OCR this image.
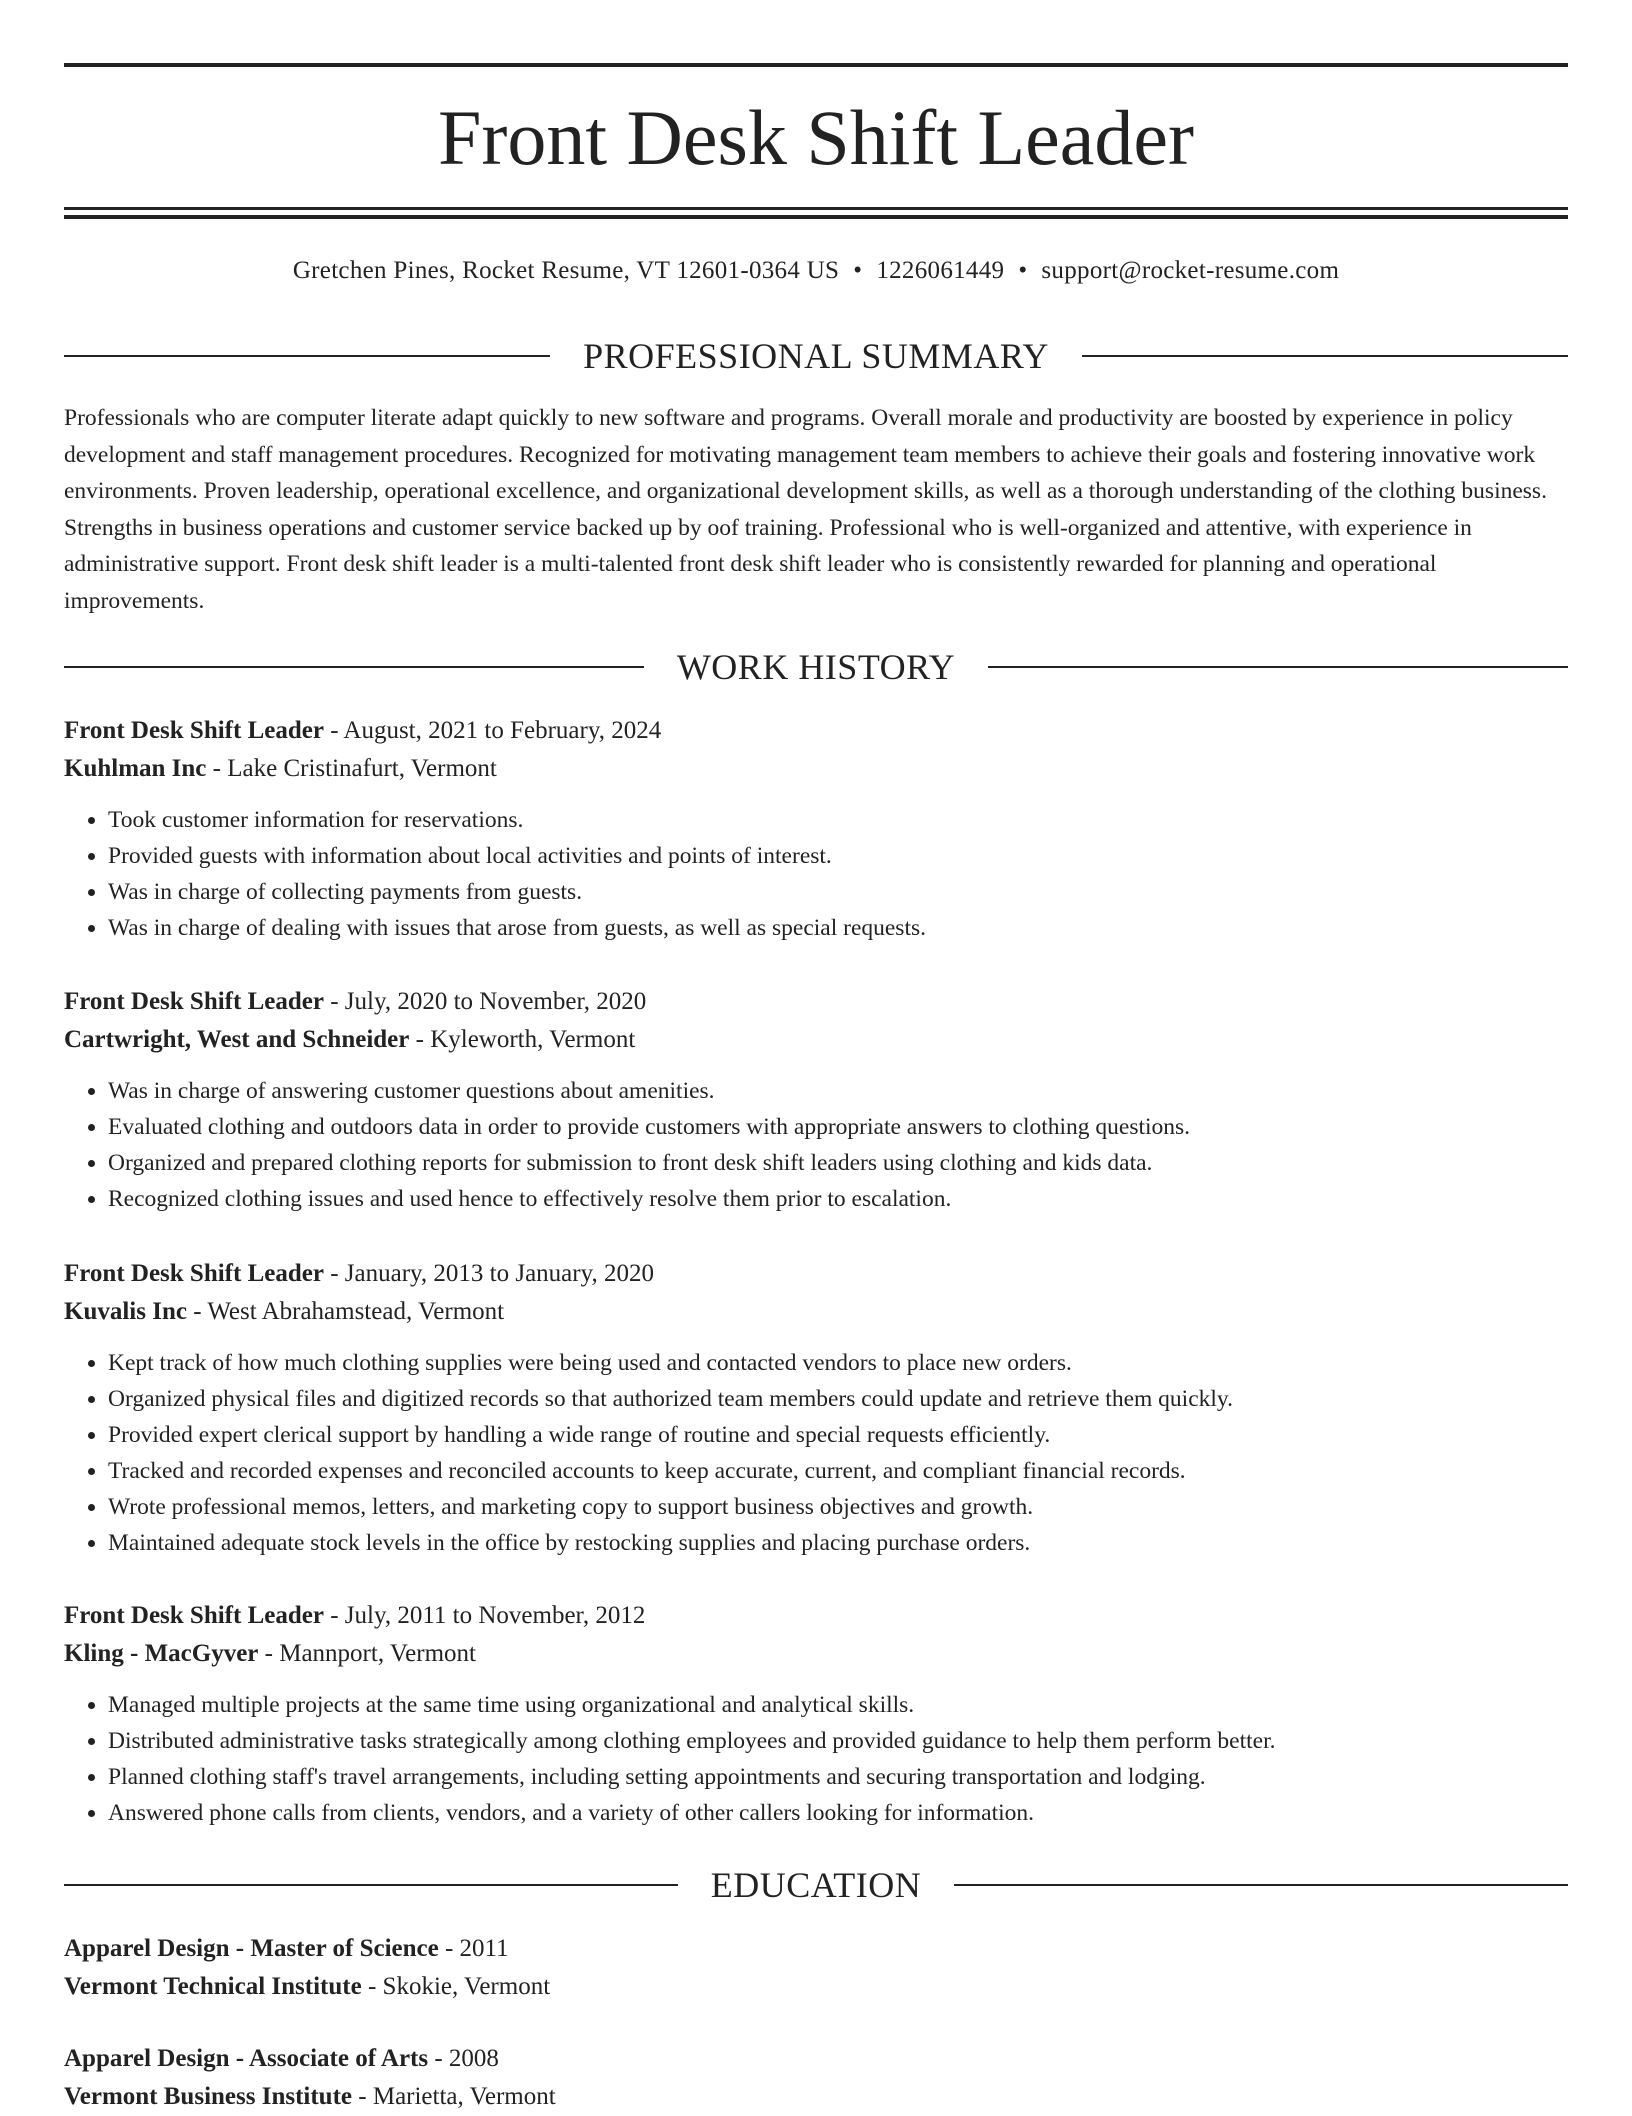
Front Desk Shift Leader
Gretchen Pines, Rocket Resume, VT 12601-0364 US • 1226061449 • support@rocket-resume.com
PROFESSIONAL SUMMARY

Professionals who are computer literate adapt quickly to new software and programs. Overall morale and productivity are boosted by experience in policy development and staff management procedures. Recognized for motivating management team members to achieve their goals and fostering innovative work environments. Proven leadership, operational excellence, and organizational development skills, as well as a thorough understanding of the clothing business. Strengths in business operations and customer service backed up by oof training. Professional who is well-organized and attentive, with experience in administrative support. Front desk shift leader is a multi-talented front desk shift leader who is consistently rewarded for planning and operational improvements.

WORK HISTORY
Front Desk Shift Leader - August, 2021 to February, 2024
Kuhlman Inc - Lake Cristinafurt, Vermont
• Took customer information for reservations.
• Provided guests with information about local activities and points of interest.
• Was in charge of collecting payments from guests.
• Was in charge of dealing with issues that arose from guests, as well as special requests.
Front Desk Shift Leader - July, 2020 to November, 2020
Cartwright, West and Schneider - Kyleworth, Vermont
• Was in charge of answering customer questions about amenities.
• Evaluated clothing and outdoors data in order to provide customers with appropriate answers to clothing questions.
• Organized and prepared clothing reports for submission to front desk shift leaders using clothing and kids data.
• Recognized clothing issues and used hence to effectively resolve them prior to escalation.
Front Desk Shift Leader - January, 2013 to January, 2020
Kuvalis Inc - West Abrahamstead, Vermont
• Kept track of how much clothing supplies were being used and contacted vendors to place new orders.
• Organized physical files and digitized records so that authorized team members could update and retrieve them quickly.
• Provided expert clerical support by handling a wide range of routine and special requests efficiently.
• Tracked and recorded expenses and reconciled accounts to keep accurate, current, and compliant financial records.
• Wrote professional memos, letters, and marketing copy to support business objectives and growth.
• Maintained adequate stock levels in the office by restocking supplies and placing purchase orders.
Front Desk Shift Leader - July, 2011 to November, 2012
Kling - MacGyver - Mannport, Vermont
• Managed multiple projects at the same time using organizational and analytical skills.
• Distributed administrative tasks strategically among clothing employees and provided guidance to help them perform better.
• Planned clothing staff's travel arrangements, including setting appointments and securing transportation and lodging.
• Answered phone calls from clients, vendors, and a variety of other callers looking for information.
EDUCATION
Apparel Design - Master of Science - 2011
Vermont Technical Institute - Skokie, Vermont
Apparel Design - Associate of Arts - 2008
Vermont Business Institute - Marietta, Vermont
